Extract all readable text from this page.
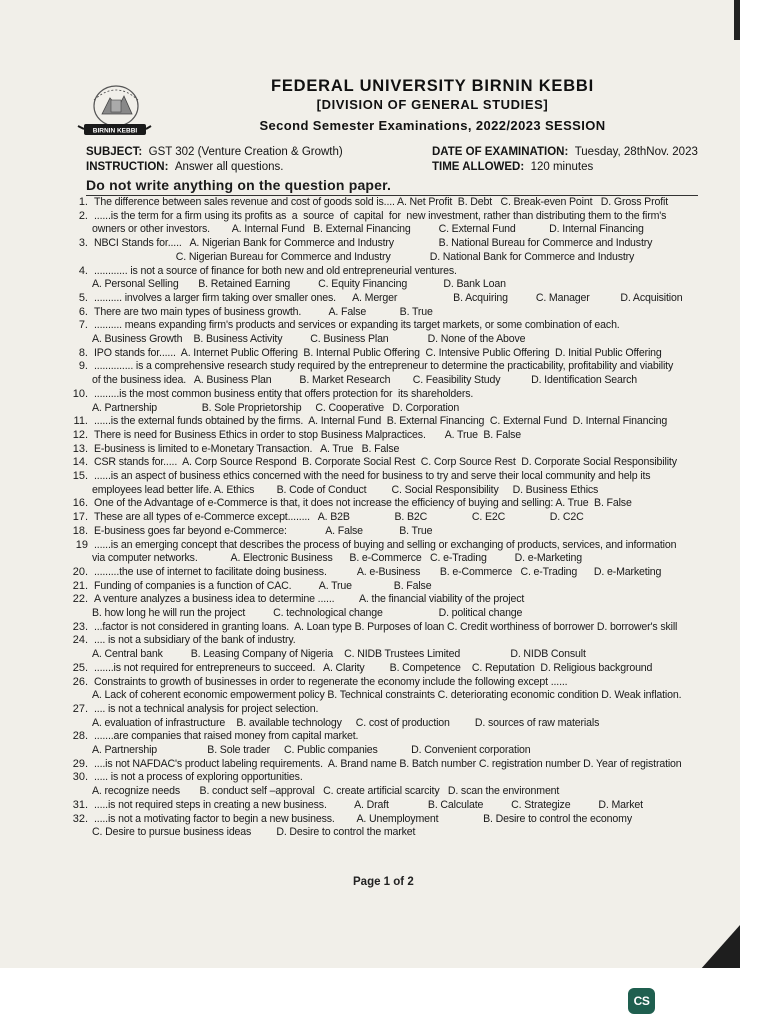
BIRNIN KEBBI
FEDERAL UNIVERSITY BIRNIN KEBBI
[DIVISION OF GENERAL STUDIES]
Second Semester Examinations, 2022/2023 SESSION
SUBJECT: GST 302 (Venture Creation & Growth)
INSTRUCTION: Answer all questions.
DATE OF EXAMINATION: Tuesday, 28thNov. 2023
TIME ALLOWED: 120 minutes
Do not write anything on the question paper.
1. The difference between sales revenue and cost of goods sold is.... A. Net Profit  B. Debt   C. Break-even Point   D. Gross Profit
2. ......is the term for a firm using its profits as  a  source  of  capital  for  new investment, rather than distributing them to the firm's
owners or other investors.        A. Internal Fund   B. External Financing          C. External Fund            D. Internal Financing
3. NBCI Stands for.....   A. Nigerian Bank for Commerce and Industry                B. National Bureau for Commerce and Industry
C. Nigerian Bureau for Commerce and Industry              D. National Bank for Commerce and Industry
4. ............ is not a source of finance for both new and old entrepreneurial ventures.
A. Personal Selling       B. Retained Earning          C. Equity Financing             D. Bank Loan
5. .......... involves a larger firm taking over smaller ones.      A. Merger                    B. Acquiring          C. Manager           D. Acquisition
6. There are two main types of business growth.          A. False            B. True
7. .......... means expanding firm's products and services or expanding its target markets, or some combination of each.
A. Business Growth    B. Business Activity          C. Business Plan              D. None of the Above
8. IPO stands for......  A. Internet Public Offering  B. Internal Public Offering  C. Intensive Public Offering  D. Initial Public Offering
9. .............. is a comprehensive research study required by the entrepreneur to determine the practicability, profitability and viability
of the business idea.   A. Business Plan          B. Market Research        C. Feasibility Study           D. Identification Search
10. .........is the most common business entity that offers protection for  its shareholders.
A. Partnership                B. Sole Proprietorship     C. Cooperative   D. Corporation
11. ......is the external funds obtained by the firms.  A. Internal Fund  B. External Financing  C. External Fund  D. Internal Financing
12. There is need for Business Ethics in order to stop Business Malpractices.       A. True  B. False
13. E-business is limited to e-Monetary Transaction.   A. True   B. False
14. CSR stands for.....  A. Corp Source Respond  B. Corporate Social Rest  C. Corp Source Rest  D. Corporate Social Responsibility
15. ......is an aspect of business ethics concerned with the need for business to try and serve their local community and help its
employees lead better life. A. Ethics        B. Code of Conduct         C. Social Responsibility     D. Business Ethics
16. One of the Advantage of e-Commerce is that, it does not increase the efficiency of buying and selling: A. True  B. False
17. These are all types of e-Commerce except........   A. B2B                B. B2C                C. E2C                D. C2C
18. E-business goes far beyond e-Commerce:              A. False             B. True
19 ......is an emerging concept that describes the process of buying and selling or exchanging of products, services, and information
via computer networks.            A. Electronic Business      B. e-Commerce   C. e-Trading          D. e-Marketing
20. .........the use of internet to facilitate doing business.           A. e-Business       B. e-Commerce   C. e-Trading      D. e-Marketing
21. Funding of companies is a function of CAC.          A. True               B. False
22. A venture analyzes a business idea to determine ......         A. the financial viability of the project
B. how long he will run the project          C. technological change                    D. political change
23. ...factor is not considered in granting loans.  A. Loan type B. Purposes of loan C. Credit worthiness of borrower D. borrower's skill
24. .... is not a subsidiary of the bank of industry.
A. Central bank          B. Leasing Company of Nigeria    C. NIDB Trustees Limited                  D. NIDB Consult
25. .......is not required for entrepreneurs to succeed.   A. Clarity         B. Competence    C. Reputation  D. Religious background
26. Constraints to growth of businesses in order to regenerate the economy include the following except ......
A. Lack of coherent economic empowerment policy B. Technical constraints C. deteriorating economic condition D. Weak inflation.
27. .... is not a technical analysis for project selection.
A. evaluation of infrastructure    B. available technology     C. cost of production         D. sources of raw materials
28. .......are companies that raised money from capital market.
A. Partnership                  B. Sole trader     C. Public companies            D. Convenient corporation
29. ....is not NAFDAC's product labeling requirements.  A. Brand name B. Batch number C. registration number D. Year of registration
30. ..... is not a process of exploring opportunities.
A. recognize needs       B. conduct self –approval   C. create artificial scarcity   D. scan the environment
31. .....is not required steps in creating a new business.          A. Draft              B. Calculate          C. Strategize          D. Market
32. .....is not a motivating factor to begin a new business.        A. Unemployment                B. Desire to control the economy
C. Desire to pursue business ideas         D. Desire to control the market
Page 1 of 2
CS
